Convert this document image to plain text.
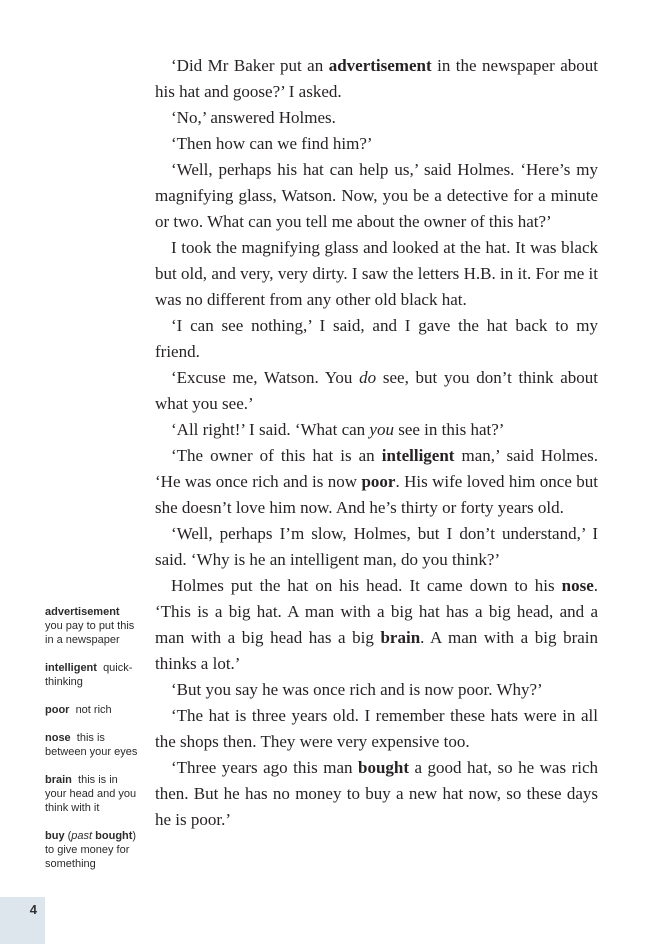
‘Did Mr Baker put an advertisement in the newspaper about his hat and goose?’ I asked.

‘No,’ answered Holmes.

‘Then how can we find him?’

‘Well, perhaps his hat can help us,’ said Holmes. ‘Here’s my magnifying glass, Watson. Now, you be a detective for a minute or two. What can you tell me about the owner of this hat?’

I took the magnifying glass and looked at the hat. It was black but old, and very, very dirty. I saw the letters H.B. in it. For me it was no different from any other old black hat.

‘I can see nothing,’ I said, and I gave the hat back to my friend.

‘Excuse me, Watson. You do see, but you don’t think about what you see.’

‘All right!’ I said. ‘What can you see in this hat?’

‘The owner of this hat is an intelligent man,’ said Holmes. ‘He was once rich and is now poor. His wife loved him once but she doesn’t love him now. And he’s thirty or forty years old.

‘Well, perhaps I’m slow, Holmes, but I don’t understand,’ I said. ‘Why is he an intelligent man, do you think?’

Holmes put the hat on his head. It came down to his nose. ‘This is a big hat. A man with a big hat has a big head, and a man with a big head has a big brain. A man with a big brain thinks a lot.’

‘But you say he was once rich and is now poor. Why?’

‘The hat is three years old. I remember these hats were in all the shops then. They were very expensive too.

‘Three years ago this man bought a good hat, so he was rich then. But he has no money to buy a new hat now, so these days he is poor.’

advertisement  you pay to put this in a newspaper
intelligent  quick-thinking
poor  not rich
nose  this is between your eyes
brain  this is in your head and you think with it
buy (past bought) to give money for something
4
